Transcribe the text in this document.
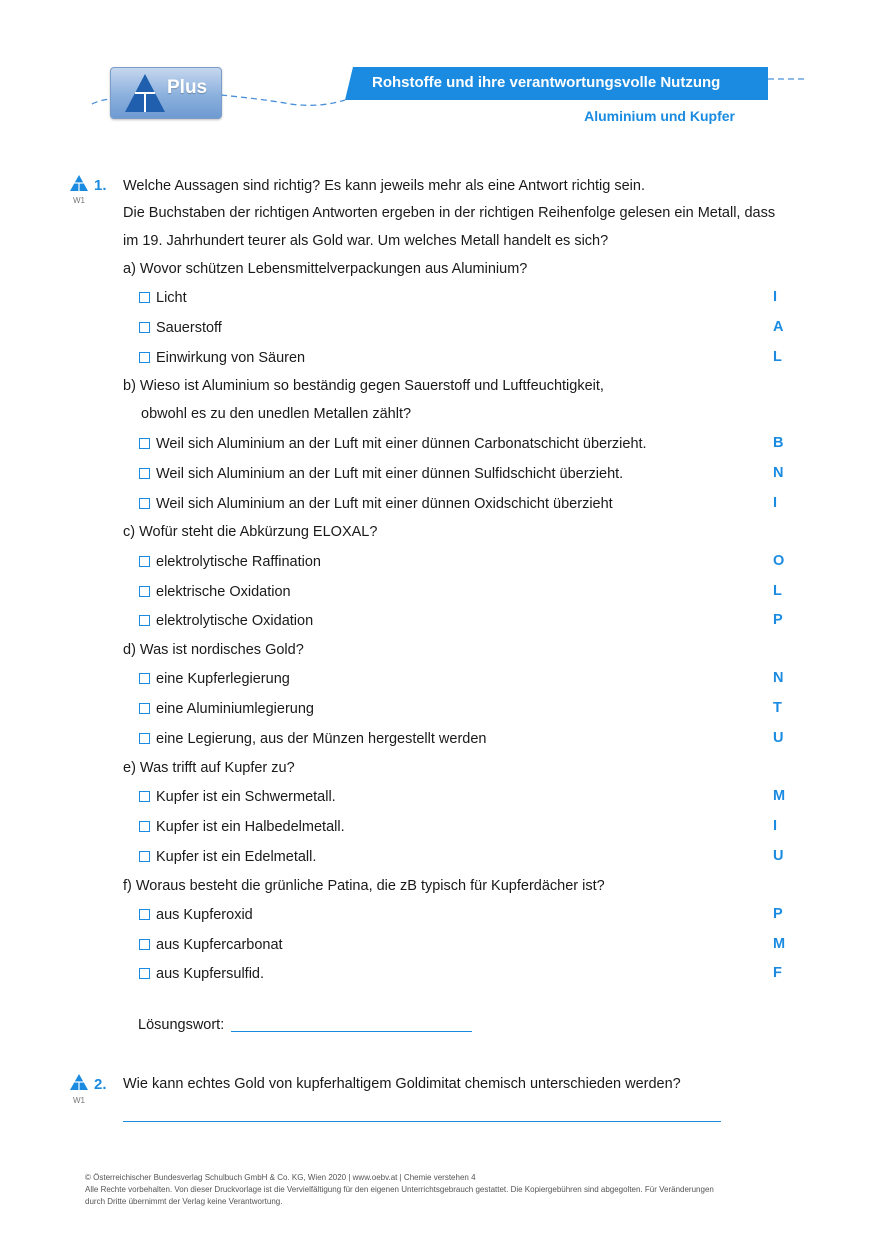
Plus	Rohstoffe und ihre verantwortungsvolle Nutzung
Aluminium und Kupfer
1.
W1
Welche Aussagen sind richtig? Es kann jeweils mehr als eine Antwort richtig sein.
Die Buchstaben der richtigen Antworten ergeben in der richtigen Reihenfolge gelesen ein Metall, dass
im 19. Jahrhundert teurer als Gold war. Um welches Metall handelt es sich?
a) Wovor schützen Lebensmittelverpackungen aus Aluminium?
Licht	I
Sauerstoff	A
Einwirkung von Säuren	L
b) Wieso ist Aluminium so beständig gegen Sauerstoff und Luftfeuchtigkeit,
obwohl es zu den unedlen Metallen zählt?
Weil sich Aluminium an der Luft mit einer dünnen Carbonatschicht überzieht.	B
Weil sich Aluminium an der Luft mit einer dünnen Sulfidschicht überzieht.	N
Weil sich Aluminium an der Luft mit einer dünnen Oxidschicht überzieht	I
c) Wofür steht die Abkürzung ELOXAL?
elektrolytische Raffination	O
elektrische Oxidation	L
elektrolytische Oxidation	P
d) Was ist nordisches Gold?
eine Kupferlegierung	N
eine Aluminiumlegierung	T
eine Legierung, aus der Münzen hergestellt werden	U
e) Was trifft auf Kupfer zu?
Kupfer ist ein Schwermetall.	M
Kupfer ist ein Halbedelmetall.	I
Kupfer ist ein Edelmetall.	U
f) Woraus besteht die grünliche Patina, die zB typisch für Kupferdächer ist?
aus Kupferoxid	P
aus Kupfercarbonat	M
aus Kupfersulfid.	F
Lösungswort:
2.
W1
Wie kann echtes Gold von kupferhaltigem Goldimitat chemisch unterschieden werden?
© Österreichischer Bundesverlag Schulbuch GmbH & Co. KG, Wien 2020 | www.oebv.at | Chemie verstehen 4
Alle Rechte vorbehalten. Von dieser Druckvorlage ist die Vervielfältigung für den eigenen Unterrichtsgebrauch gestattet. Die Kopiergebühren sind abgegolten. Für Veränderungen
durch Dritte übernimmt der Verlag keine Verantwortung.
